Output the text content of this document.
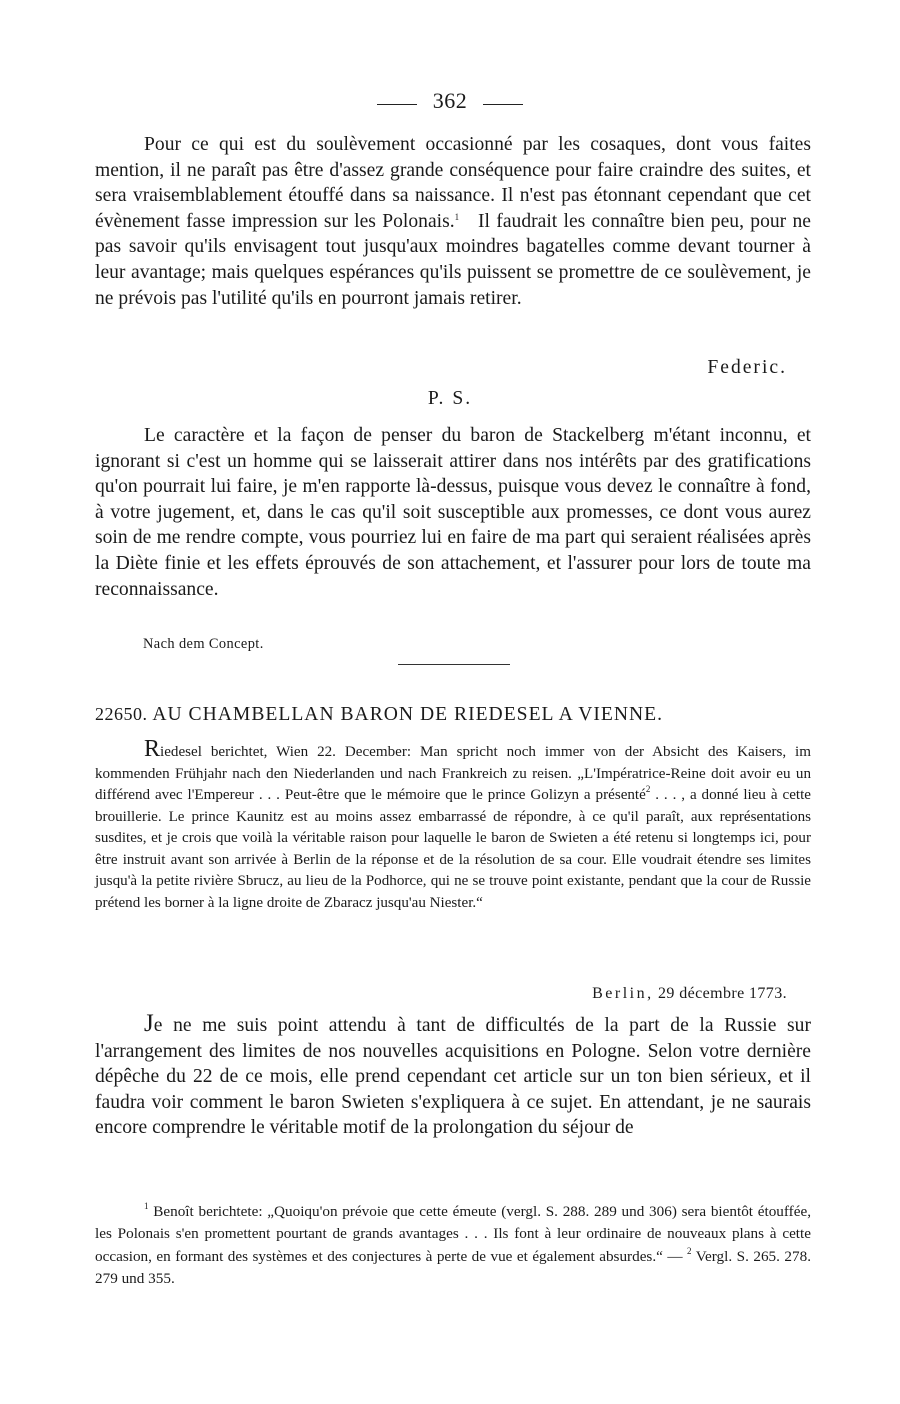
362

Pour ce qui est du soulèvement occasionné par les cosaques, dont vous faites mention, il ne paraît pas être d'assez grande conséquence pour faire craindre des suites, et sera vraisemblablement étouffé dans sa naissance. Il n'est pas étonnant cependant que cet évènement fasse impression sur les Polonais.$^1$ Il faudrait les connaître bien peu, pour ne pas savoir qu'ils envisagent tout jusqu'aux moindres bagatelles comme devant tourner à leur avantage; mais quelques espérances qu'ils puissent se promettre de ce soulèvement, je ne prévois pas l'utilité qu'ils en pourront jamais retirer.

Federic.
P. S.

Le caractère et la façon de penser du baron de Stackelberg m'étant inconnu, et ignorant si c'est un homme qui se laisserait attirer dans nos intérêts par des gratifications qu'on pourrait lui faire, je m'en rapporte là-dessus, puisque vous devez le connaître à fond, à votre jugement, et, dans le cas qu'il soit susceptible aux promesses, ce dont vous aurez soin de me rendre compte, vous pourriez lui en faire de ma part qui seraient réalisées après la Diète finie et les effets éprouvés de son attachement, et l'assurer pour lors de toute ma reconnaissance.

Nach dem Concept.
22650. AU CHAMBELLAN BARON DE RIEDESEL A VIENNE.

Riedesel berichtet, Wien 22. December: Man spricht noch immer von der Absicht des Kaisers, im kommenden Frühjahr nach den Niederlanden und nach Frankreich zu reisen. „L'Impératrice-Reine doit avoir eu un différend avec l'Empereur . . . Peut-être que le mémoire que le prince Golizyn a présenté$^2$ . . . , a donné lieu à cette brouillerie. Le prince Kaunitz est au moins assez embarrassé de répondre, à ce qu'il paraît, aux représentations susdites, et je crois que voilà la véritable raison pour laquelle le baron de Swieten a été retenu si longtemps ici, pour être instruit avant son arrivée à Berlin de la réponse et de la résolution de sa cour. Elle voudrait étendre ses limites jusqu'à la petite rivière Sbrucz, au lieu de la Podhorce, qui ne se trouve point existante, pendant que la cour de Russie prétend les borner à la ligne droite de Zbaracz jusqu'au Niester.“

Berlin, 29 décembre 1773.

Je ne me suis point attendu à tant de difficultés de la part de la Russie sur l'arrangement des limites de nos nouvelles acquisitions en Pologne. Selon votre dernière dépêche du 22 de ce mois, elle prend cependant cet article sur un ton bien sérieux, et il faudra voir comment le baron Swieten s'expliquera à ce sujet. En attendant, je ne saurais encore comprendre le véritable motif de la prolongation du séjour de

$^1$ Benoît berichtete: „Quoiqu'on prévoie que cette émeute (vergl. S. 288. 289 und 306) sera bientôt étouffée, les Polonais s'en promettent pourtant de grands avantages . . . Ils font à leur ordinaire de nouveaux plans à cette occasion, en formant des systèmes et des conjectures à perte de vue et également absurdes.“ — $^2$ Vergl. S. 265. 278. 279 und 355.
